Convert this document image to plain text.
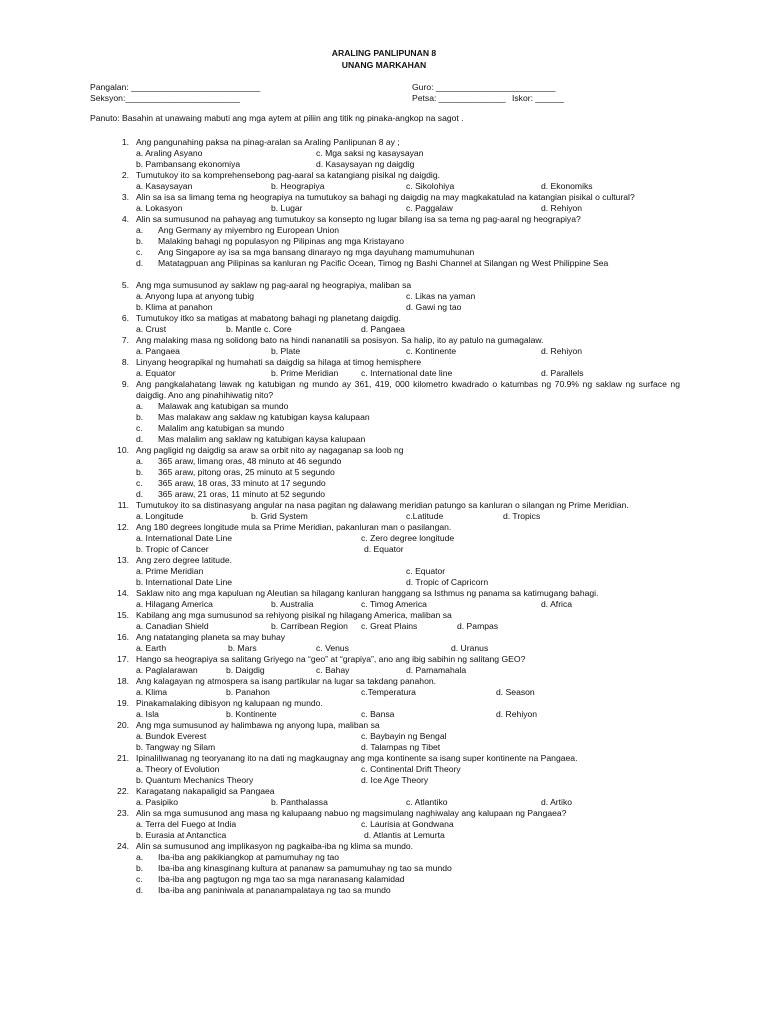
ARALING PANLIPUNAN 8
UNANG MARKAHAN
Pangalan: ___________________________
Seksyon:________________________
Guro: _________________________
Petsa: ______________ Iskor: ______
Panuto: Basahin at unawaing mabuti ang mga aytem at piliin ang titik ng pinaka-angkop na sagot .
1. Ang pangunahing paksa na pinag-aralan sa Araling Panlipunan 8 ay ;
a. Araling Asyano	c. Mga saksi ng kasaysayan
b. Pambansang ekonomiya	d. Kasaysayan ng daigdig
2. Tumutukoy ito sa komprehensebong pag-aaral sa katangiang pisikal ng daigdig.
a. Kasaysayan	b. Heograpiya	c. Sikolohiya	d. Ekonomiks
3. Alin sa isa sa limang tema ng heograpiya na tumutukoy sa bahagi ng daigdig na may magkakatulad na katangian pisikal o cultural?
a. Lokasyon	b. Lugar	c. Paggalaw	d. Rehiyon
4. Alin sa sumusunod na pahayag ang tumutukoy sa konsepto ng lugar bilang isa sa tema ng pag-aaral ng heograpiya?
a. Ang Germany ay miyembro ng European Union
b. Malaking bahagi ng populasyon ng Pilipinas ang mga Kristayano
c. Ang Singapore ay isa sa mga bansang dinarayo ng mga dayuhang mamumuhunan
d. Matatagpuan ang Pilipinas sa kanluran ng Pacific Ocean, Timog ng Bashi Channel at Silangan ng West Philippine Sea
5. Ang mga sumusunod ay saklaw ng pag-aaral ng heograpiya, maliban sa
a. Anyong lupa at anyong tubig	c. Likas na yaman
b. Klima at panahon	d. Gawi ng tao
6. Tumutukoy itko sa matigas at mabatong bahagi ng planetang daigdig.
a. Crust	b. Mantle c. Core	d. Pangaea
7. Ang malaking masa ng solidong bato na hindi nananatili sa posisyon. Sa halip, ito ay patulo na gumagalaw.
a. Pangaea	b. Plate	c. Kontinente	d. Rehiyon
8. Linyang heograpikal ng humahati sa daigdig sa hilaga at timog hemisphere
a. Equator	b. Prime Meridian	c. International date line	d. Parallels
9. Ang pangkalahatang lawak ng katubigan ng mundo ay 361, 419, 000 kilometro kwadrado o katumbas ng 70.9% ng saklaw ng surface ng daigdig. Ano ang pinahihiwatig nito?
a. Malawak ang katubigan sa mundo
b. Mas malakaw ang saklaw ng katubigan kaysa kalupaan
c. Malalim ang katubigan sa mundo
d. Mas malalim ang saklaw ng katubigan kaysa kalupaan
10. Ang pagligid ng daigdig sa araw sa orbit nito ay nagaganap sa loob ng
a. 365 araw, limang oras, 48 minuto at 46 segundo
b. 365 araw, pitong oras, 25 minuto at 5 segundo
c. 365 araw, 18 oras, 33 minuto at 17 segundo
d. 365 araw, 21 oras, 11 minuto at 52 segundo
11. Tumutukoy ito sa distinasyang angular na nasa pagitan ng dalawang meridian patungo sa kanluran o silangan ng Prime Meridian.
a. Longitude	b. Grid System	c.Latitude	d. Tropics
12. Ang 180 degrees longitude mula sa Prime Meridian, pakanluran man o pasilangan.
a. International Date Line	c. Zero degree longitude
b. Tropic of Cancer	d. Equator
13. Ang zero degree latitude.
a. Prime Meridian	c. Equator
b. International Date Line	d. Tropic of Capricorn
14. Saklaw nito ang mga kapuluan ng Aleutian sa hilagang kanluran hanggang sa Isthmus ng panama sa katimugang bahagi.
a. Hilagang America	b. Australia	c. Timog America	d. Africa
15. Kabilang ang mga sumusunod sa rehiyong pisikal ng hilagang America, maliban sa
a. Canadian Shield	b. Carribean Region c. Great Plains	d. Pampas
16. Ang natatanging planeta sa may buhay
a. Earth	b. Mars	c. Venus	d. Uranus
17. Hango sa heograpiya sa salitang Griyego na “geo” at “grapiya”, ano ang ibig sabihin ng salitang GEO?
a. Paglalarawan	b. Daigdig	c. Bahay	d. Pamamahala
18. Ang kalagayan ng atmospera sa isang partikular na lugar sa takdang panahon.
a. Klima	b. Panahon	c.Temperatura	d. Season
19. Pinakamalaking dibisyon ng kalupaan ng mundo.
a. Isla	b. Kontinente	c. Bansa	d. Rehiyon
20. Ang mga sumusunod ay halimbawa ng anyong lupa, maliban sa
a. Bundok Everest	c. Baybayin ng Bengal
b. Tangway ng Silam	d. Talampas ng Tibet
21. Ipinaliliwanag ng teoryanang ito na dati ng magkaugnay ang mga kontinente sa isang super kontinente na Pangaea.
a. Theory of Evolution	c. Continental Drift Theory
b. Quantum Mechanics Theory	d. Ice Age Theory
22. Karagatang nakapaligid sa Pangaea
a. Pasipiko	b. Panthalassa	c. Atlantiko	d. Artiko
23. Alin sa mga sumusunod ang masa ng kalupaang nabuo ng magsimulang naghiwalay ang kalupaan ng Pangaea?
a. Terra del Fuego at India	c. Laurisia at Gondwana
b. Eurasia at Antanctica	d. Atlantis at Lemurta
24. Alin sa sumusunod ang implikasyon ng pagkaiba-iba ng klima sa mundo.
a. Iba-iba ang pakikiangkop at pamumuhay ng tao
b. Iba-iba ang kinasginang kultura at pananaw sa pamumuhay ng tao sa mundo
c. Iba-iba ang pagtugon ng mga tao sa mga naranasang kalamidad
d. Iba-iba ang paniniwala at pananampalataya ng tao sa mundo
